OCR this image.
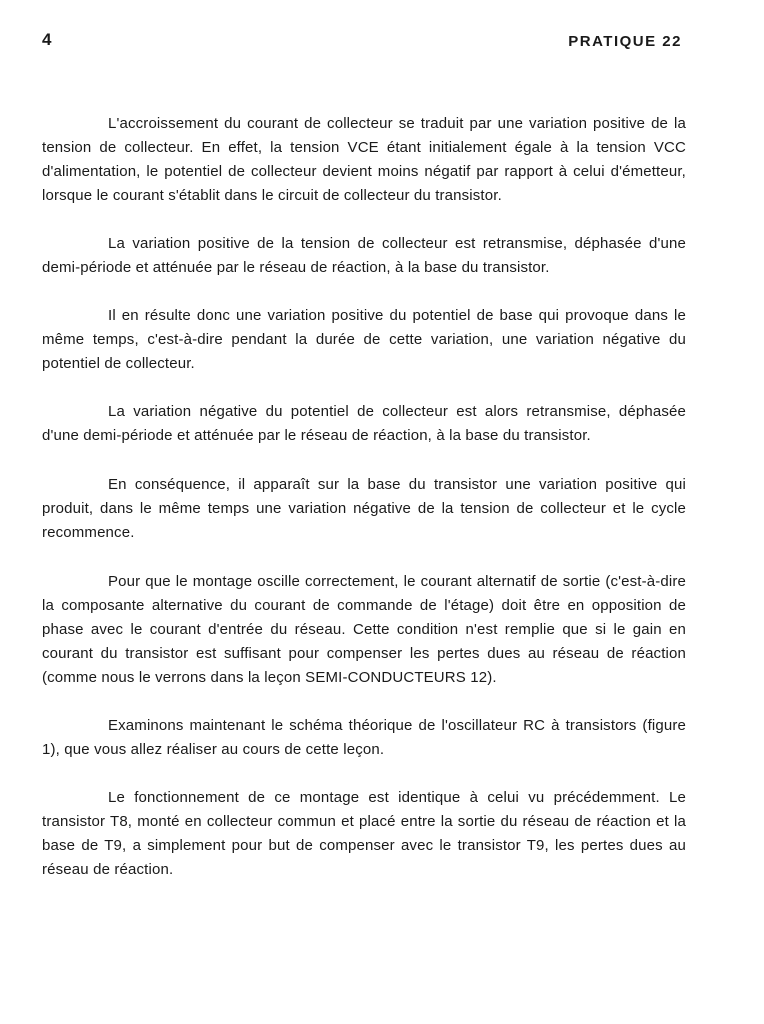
4	PRATIQUE 22

L'accroissement du courant de collecteur se traduit par une variation positive de la tension de collecteur. En effet, la tension VCE étant initialement égale à la tension VCC d'alimentation, le potentiel de collecteur devient moins négatif par rapport à celui d'émetteur, lorsque le courant s'établit dans le circuit de collecteur du transistor.

La variation positive de la tension de collecteur est retransmise, déphasée d'une demi-période et atténuée par le réseau de réaction, à la base du transistor.

Il en résulte donc une variation positive du potentiel de base qui provoque dans le même temps, c'est-à-dire pendant la durée de cette variation, une variation négative du potentiel de collecteur.

La variation négative du potentiel de collecteur est alors retransmise, déphasée d'une demi-période et atténuée par le réseau de réaction, à la base du transistor.

En conséquence, il apparaît sur la base du transistor une variation positive qui produit, dans le même temps une variation négative de la tension de collecteur et le cycle recommence.

Pour que le montage oscille correctement, le courant alternatif de sortie (c'est-à-dire la composante alternative du courant de commande de l'étage) doit être en opposition de phase avec le courant d'entrée du réseau. Cette condition n'est remplie que si le gain en courant du transistor est suffisant pour compenser les pertes dues au réseau de réaction (comme nous le verrons dans la leçon SEMI-CONDUCTEURS 12).

Examinons maintenant le schéma théorique de l'oscillateur RC à transistors (figure 1), que vous allez réaliser au cours de cette leçon.

Le fonctionnement de ce montage est identique à celui vu précédemment. Le transistor T8, monté en collecteur commun et placé entre la sortie du réseau de réaction et la base de T9, a simplement pour but de compenser avec le transistor T9, les pertes dues au réseau de réaction.
